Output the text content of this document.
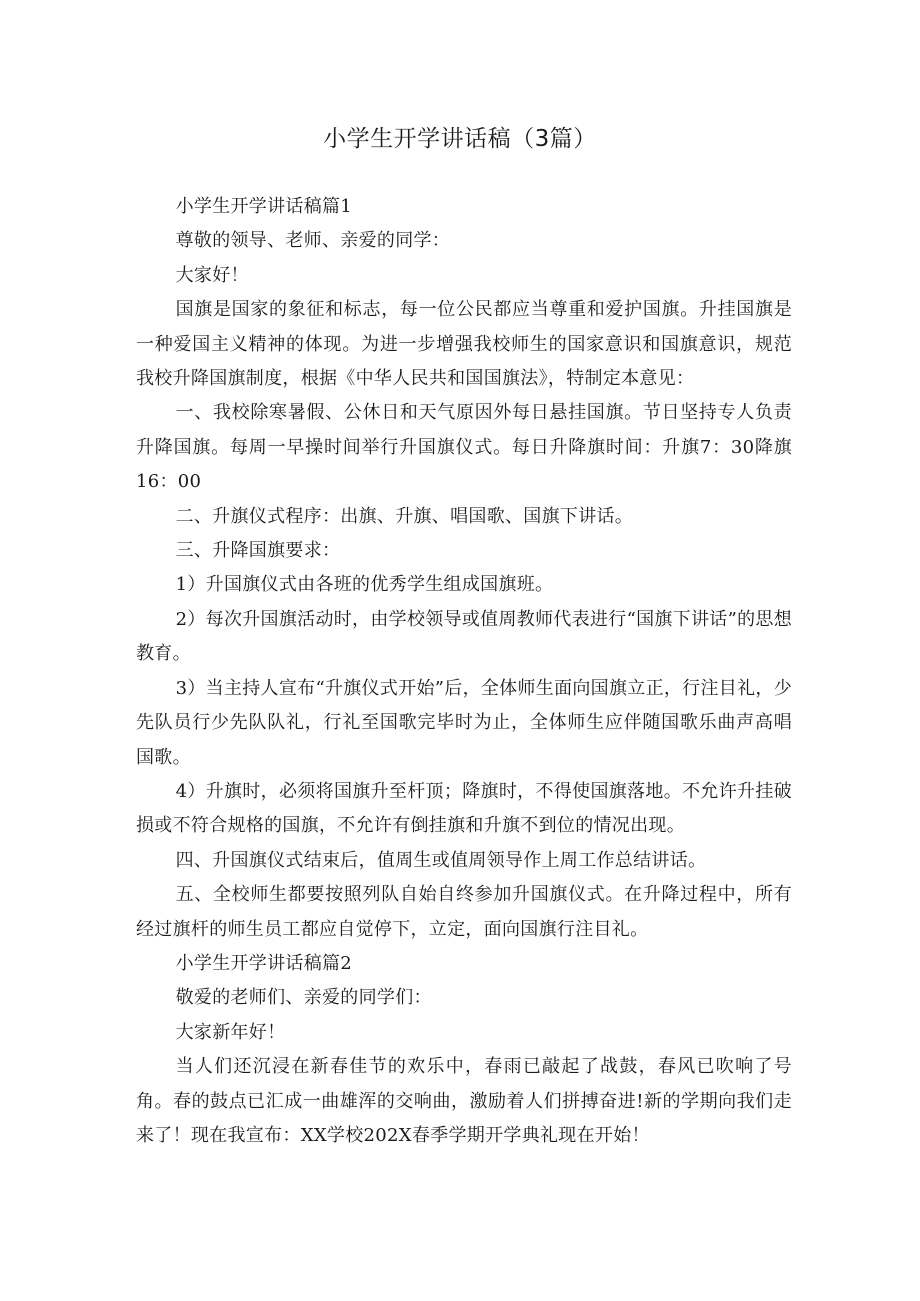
小学生开学讲话稿（3篇）

小学生开学讲话稿篇1

尊敬的领导、老师、亲爱的同学：

大家好！

国旗是国家的象征和标志，每一位公民都应当尊重和爱护国旗。升挂国旗是一种爱国主义精神的体现。为进一步增强我校师生的国家意识和国旗意识，规范我校升降国旗制度，根据《中华人民共和国国旗法》，特制定本意见：

一、我校除寒暑假、公休日和天气原因外每日悬挂国旗。节日坚持专人负责升降国旗。每周一早操时间举行升国旗仪式。每日升降旗时间：升旗7：30降旗16：00

二、升旗仪式程序：出旗、升旗、唱国歌、国旗下讲话。

三、升降国旗要求：

1）升国旗仪式由各班的优秀学生组成国旗班。

2）每次升国旗活动时，由学校领导或值周教师代表进行“国旗下讲话”的思想教育。

3）当主持人宣布“升旗仪式开始”后，全体师生面向国旗立正，行注目礼，少先队员行少先队队礼，行礼至国歌完毕时为止，全体师生应伴随国歌乐曲声高唱国歌。

4）升旗时，必须将国旗升至杆顶；降旗时，不得使国旗落地。不允许升挂破损或不符合规格的国旗，不允许有倒挂旗和升旗不到位的情况出现。

四、升国旗仪式结束后，值周生或值周领导作上周工作总结讲话。

五、全校师生都要按照列队自始自终参加升国旗仪式。在升降过程中，所有经过旗杆的师生员工都应自觉停下，立定，面向国旗行注目礼。

小学生开学讲话稿篇2

敬爱的老师们、亲爱的同学们：

大家新年好！

当人们还沉浸在新春佳节的欢乐中，春雨已敲起了战鼓，春风已吹响了号角。春的鼓点已汇成一曲雄浑的交响曲，激励着人们拼搏奋进!新的学期向我们走来了！现在我宣布：XX学校202X春季学期开学典礼现在开始！
